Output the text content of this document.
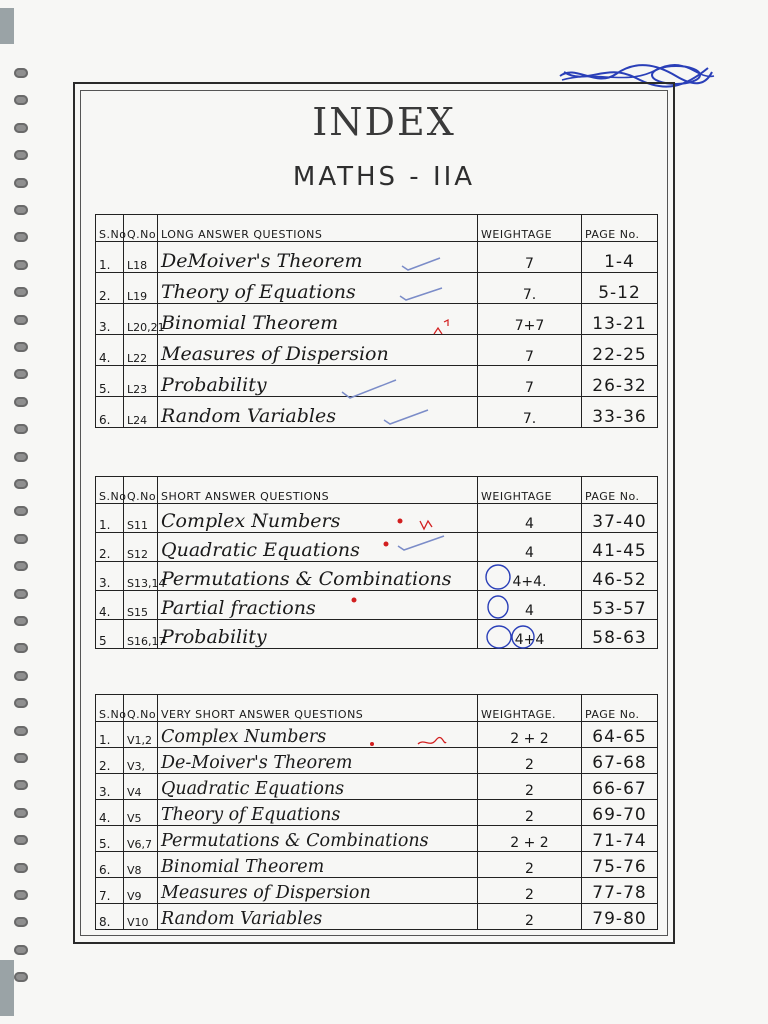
INDEX
MATHS - IIA
S.No	Q.No	LONG ANSWER QUESTIONS	WEIGHTAGE	PAGE No.
1.	L18	DeMoiver's Theorem	7	1-4
2.	L19	Theory of Equations	7.	5-12
3.	L20,21	Binomial Theorem	7+7	13-21
4.	L22	Measures of Dispersion	7	22-25
5.	L23	Probability	7	26-32
6.	L24	Random Variables	7.	33-36
S.No	Q.No	SHORT ANSWER QUESTIONS	WEIGHTAGE	PAGE No.
1.	S11	Complex Numbers	4	37-40
2.	S12	Quadratic Equations	4	41-45
3.	S13,14	Permutations & Combinations	4+4.	46-52
4.	S15	Partial fractions	4	53-57
5	S16,17	Probability	4+4	58-63
S.No	Q.No	VERY SHORT ANSWER QUESTIONS	WEIGHTAGE.	PAGE No.
1.	V1,2	Complex Numbers	2 + 2	64-65
2.	V3,	De-Moiver's Theorem	2	67-68
3.	V4	Quadratic Equations	2	66-67
4.	V5	Theory of Equations	2	69-70
5.	V6,7	Permutations & Combinations	2 + 2	71-74
6.	V8	Binomial Theorem	2	75-76
7.	V9	Measures of Dispersion	2	77-78
8.	V10	Random Variables	2	79-80
